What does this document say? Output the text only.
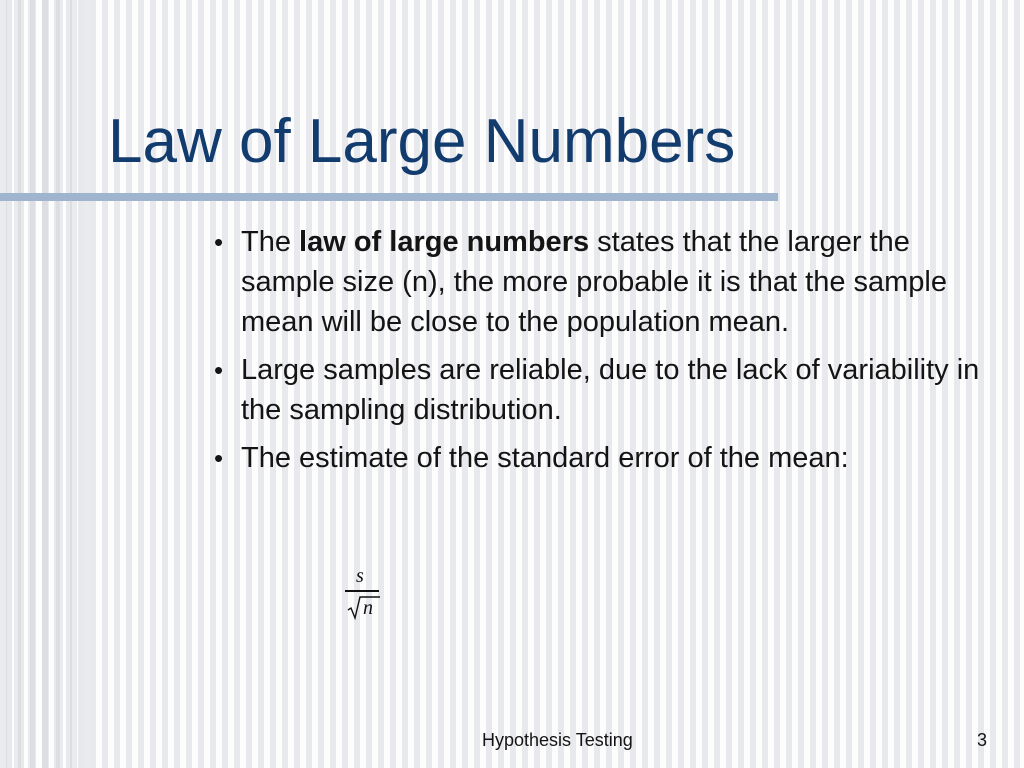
Law of Large Numbers
• The law of large numbers states that the larger the sample size (n), the more probable it is that the sample mean will be close to the population mean.
• Large samples are reliable, due to the lack of variability in the sampling distribution.
• The estimate of the standard error of the mean:
s
n
Hypothesis Testing	3
